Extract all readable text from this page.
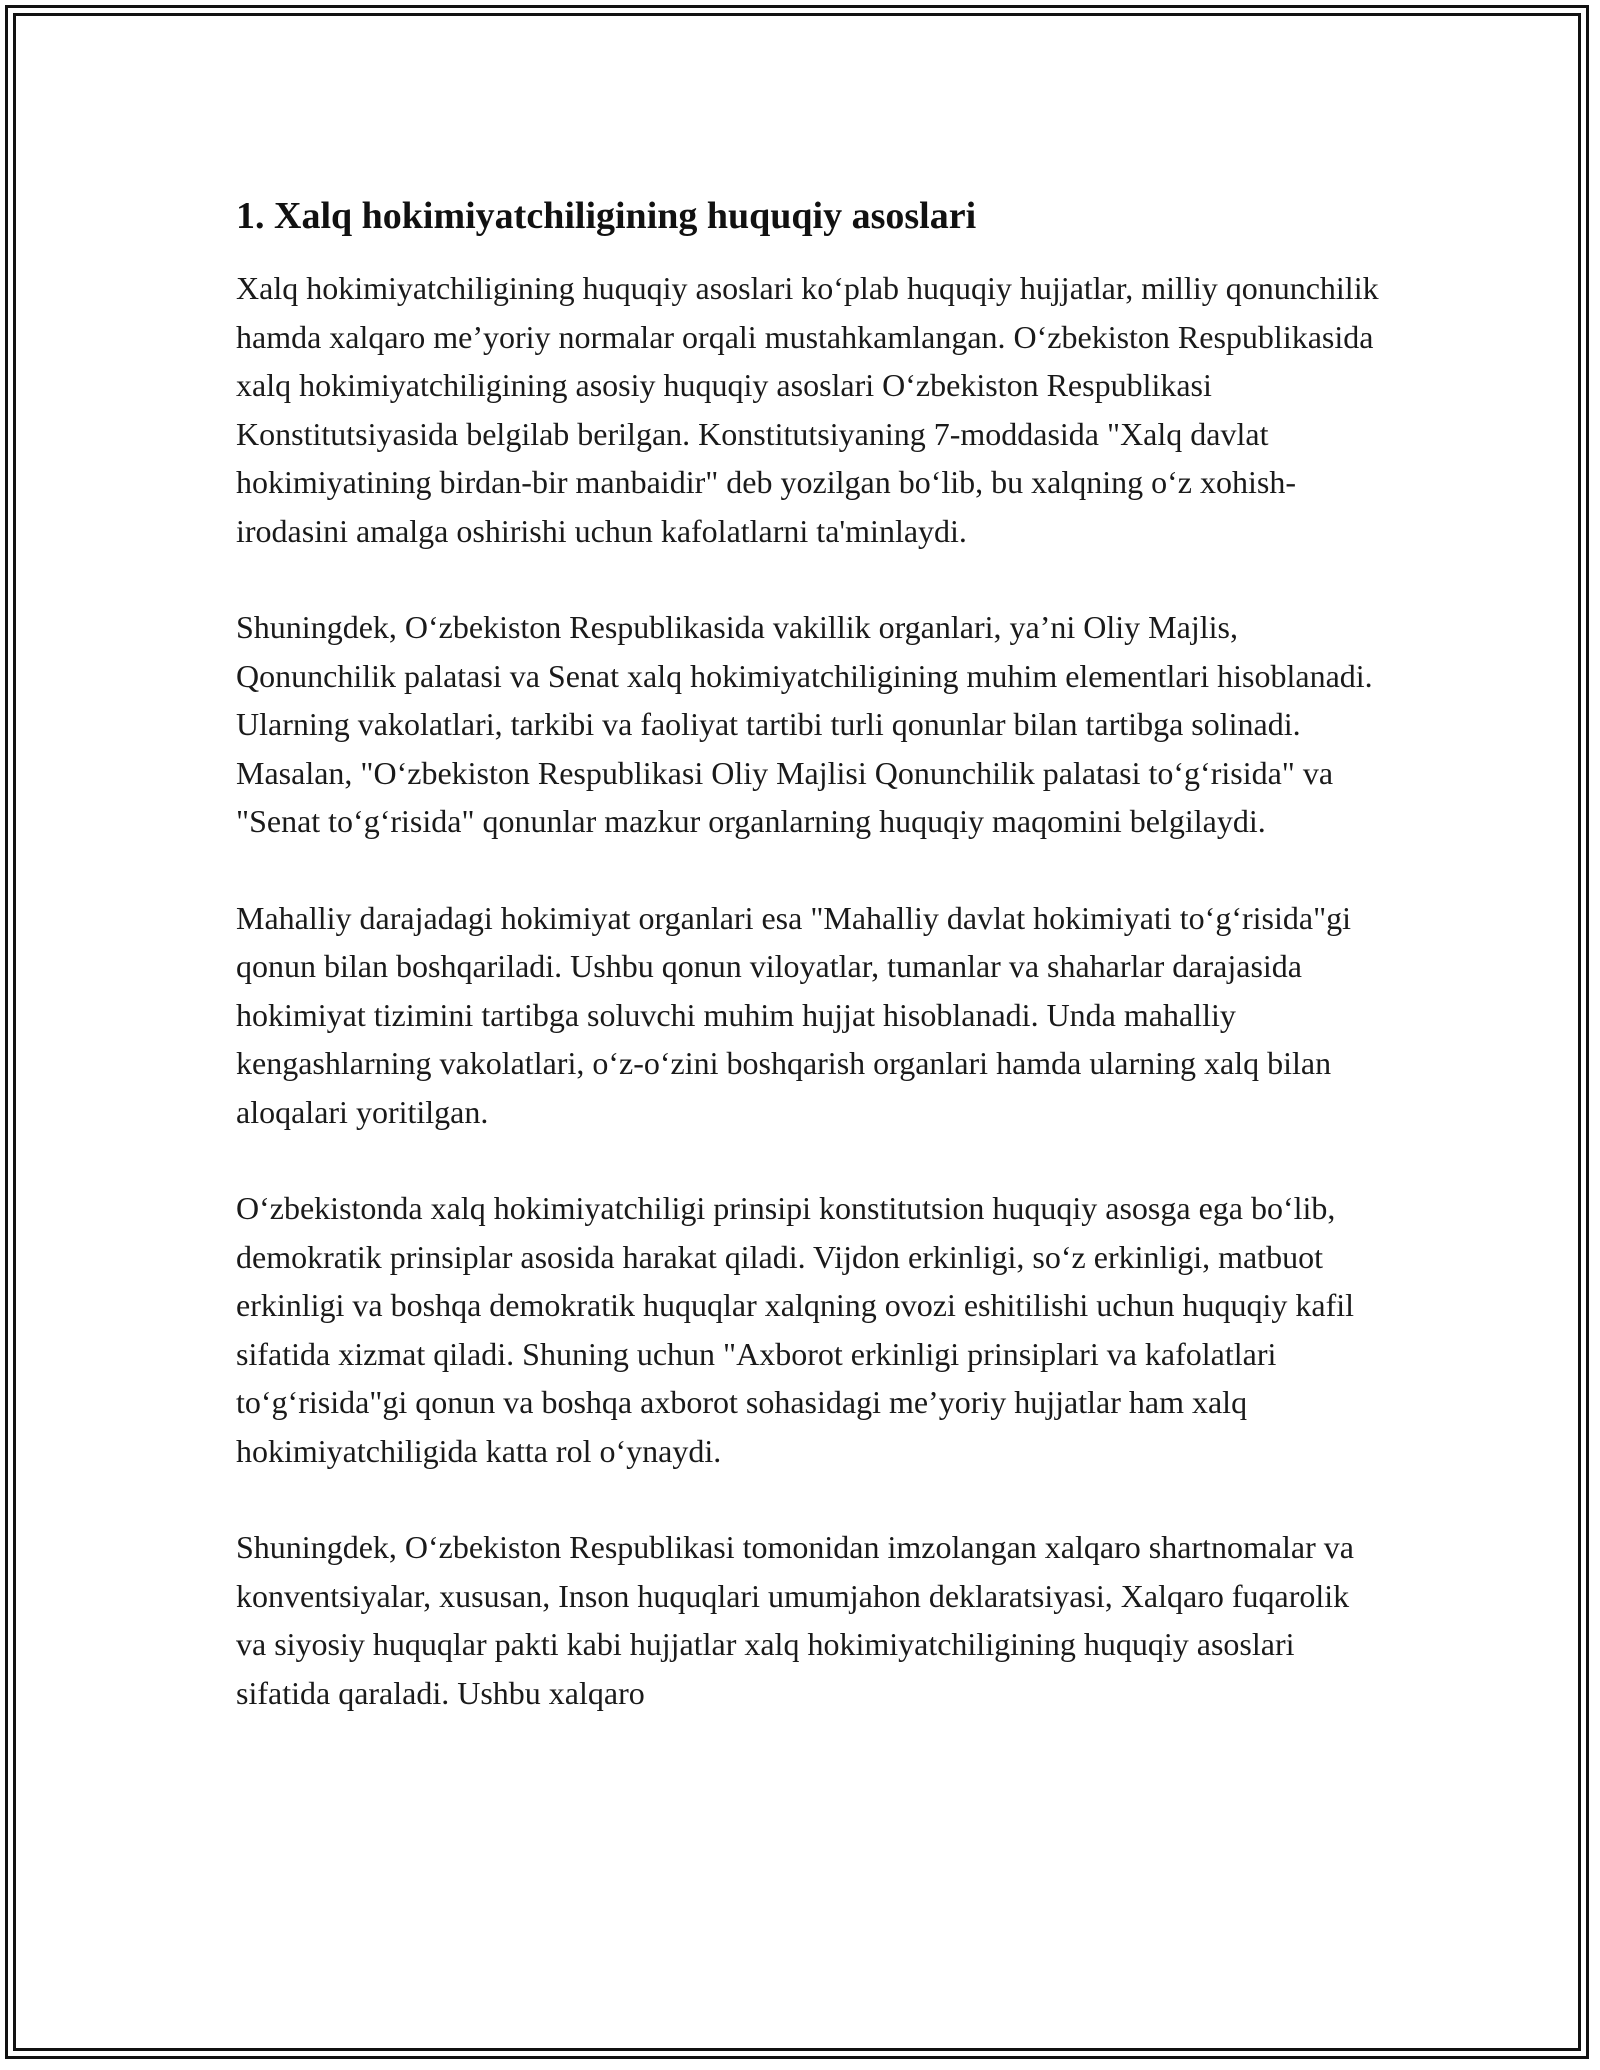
1. Xalq hokimiyatchiligining huquqiy asoslari

Xalq hokimiyatchiligining huquqiy asoslari ko‘plab huquqiy hujjatlar, milliy qonunchilik hamda xalqaro me’yoriy normalar orqali mustahkamlangan. O‘zbekiston Respublikasida xalq hokimiyatchiligining asosiy huquqiy asoslari O‘zbekiston Respublikasi Konstitutsiyasida belgilab berilgan. Konstitutsiyaning 7-moddasida "Xalq davlat hokimiyatining birdan-bir manbaidir" deb yozilgan bo‘lib, bu xalqning o‘z xohish-irodasini amalga oshirishi uchun kafolatlarni ta'minlaydi.

Shuningdek, O‘zbekiston Respublikasida vakillik organlari, ya’ni Oliy Majlis, Qonunchilik palatasi va Senat xalq hokimiyatchiligining muhim elementlari hisoblanadi. Ularning vakolatlari, tarkibi va faoliyat tartibi turli qonunlar bilan tartibga solinadi. Masalan, "O‘zbekiston Respublikasi Oliy Majlisi Qonunchilik palatasi to‘g‘risida" va "Senat to‘g‘risida" qonunlar mazkur organlarning huquqiy maqomini belgilaydi.

Mahalliy darajadagi hokimiyat organlari esa "Mahalliy davlat hokimiyati to‘g‘risida"gi qonun bilan boshqariladi. Ushbu qonun viloyatlar, tumanlar va shaharlar darajasida hokimiyat tizimini tartibga soluvchi muhim hujjat hisoblanadi. Unda mahalliy kengashlarning vakolatlari, o‘z-o‘zini boshqarish organlari hamda ularning xalq bilan aloqalari yoritilgan.

O‘zbekistonda xalq hokimiyatchiligi prinsipi konstitutsion huquqiy asosga ega bo‘lib, demokratik prinsiplar asosida harakat qiladi. Vijdon erkinligi, so‘z erkinligi, matbuot erkinligi va boshqa demokratik huquqlar xalqning ovozi eshitilishi uchun huquqiy kafil sifatida xizmat qiladi. Shuning uchun "Axborot erkinligi prinsiplari va kafolatlari to‘g‘risida"gi qonun va boshqa axborot sohasidagi me’yoriy hujjatlar ham xalq hokimiyatchiligida katta rol o‘ynaydi.

Shuningdek, O‘zbekiston Respublikasi tomonidan imzolangan xalqaro shartnomalar va konventsiyalar, xususan, Inson huquqlari umumjahon deklaratsiyasi, Xalqaro fuqarolik va siyosiy huquqlar pakti kabi hujjatlar xalq hokimiyatchiligining huquqiy asoslari sifatida qaraladi. Ushbu xalqaro
